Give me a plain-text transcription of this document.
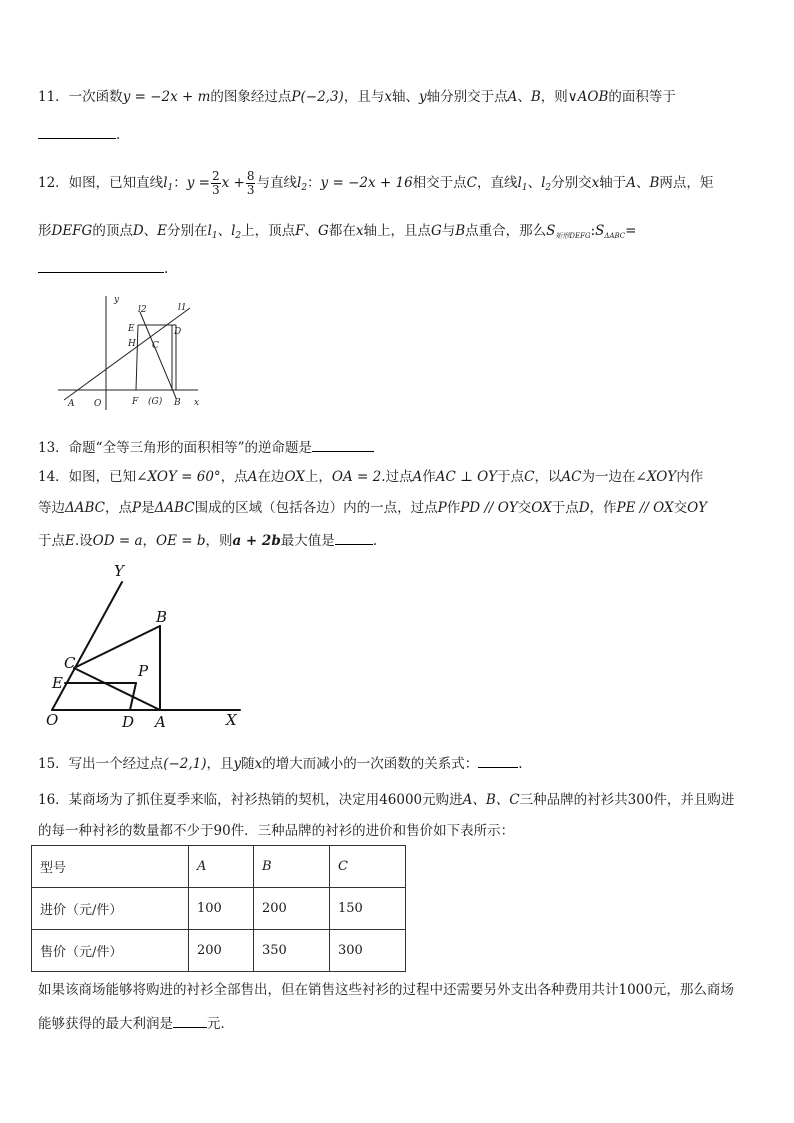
11．一次函数y = −2x + m的图象经过点P(−2,3)，且与x轴、y轴分别交于点A、B，则∨AOB的面积等于
.
12．如图，已知直线$l_1$：$y = \frac{2}{3}$ $x + \frac{8}{3}$ 与直线$l_2$：y = −2x + 16相交于点C，直线$l_1$、$l_2$分别交x轴于A、B两点，矩
形DEFG的顶点D、E分别在$l_1$、$l_2$上，顶点F、G都在x轴上，且点G与B点重合，那么$S_{矩形DEFG}:S_{\Delta ABC}=$
.
y
l2	l1
E	D
H C
A O	F (G) B x
13．命题“全等三角形的面积相等”的逆命题是
14．如图，已知∠XOY = 60°，点A在边OX上，OA = 2.过点A作AC ⊥ OY于点C，以AC为一边在∠XOY内作
等边ΔABC，点P是ΔABC围成的区域（包括各边）内的一点，过点P作PD // OY交OX于点D，作PE // OX交OY
于点E.设OD = a，OE = b，则a + 2b最大值是	.
Y
B
C	P
E
O	D A	X
15．写出一个经过点(−2,1)，且y随x的增大而减小的一次函数的关系式：	.
16．某商场为了抓住夏季来临，衬衫热销的契机，决定用46000元购进A、B、C三种品牌的衬衫共300件，并且购进
的每一种衬衫的数量都不少于90件．三种品牌的衬衫的进价和售价如下表所示：
型号	A	B	C
进价（元/件）	100	200	150
售价（元/件）	200	350	300
如果该商场能够将购进的衬衫全部售出，但在销售这些衬衫的过程中还需要另外支出各种费用共计1000元，那么商场
能够获得的最大利润是	元．
